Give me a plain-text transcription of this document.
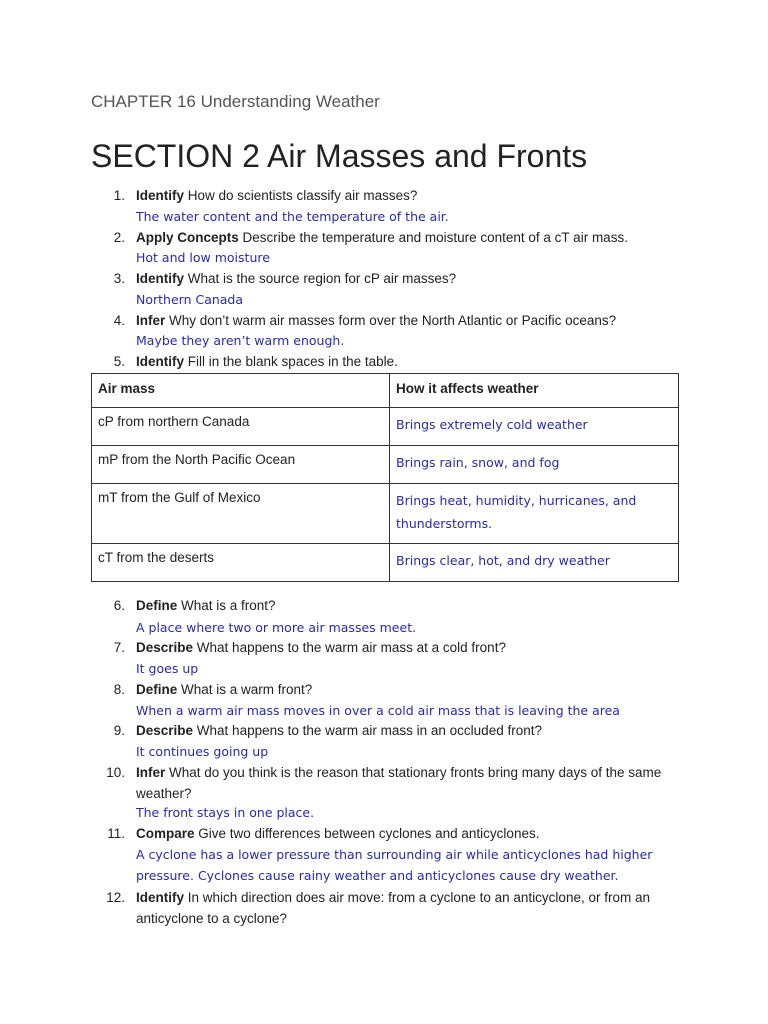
CHAPTER 16 Understanding Weather
SECTION 2 Air Masses and Fronts
1. Identify How do scientists classify air masses?
The water content and the temperature of the air.
2. Apply Concepts Describe the temperature and moisture content of a cT air mass.
Hot and low moisture
3. Identify What is the source region for cP air masses?
Northern Canada
4. Infer Why don’t warm air masses form over the North Atlantic or Pacific oceans?
Maybe they aren’t warm enough.
5. Identify Fill in the blank spaces in the table.
Air mass	How it affects weather
cP from northern Canada	Brings extremely cold weather
mP from the North Pacific Ocean	Brings rain, snow, and fog
mT from the Gulf of Mexico	Brings heat, humidity, hurricanes, and thunderstorms.
cT from the deserts	Brings clear, hot, and dry weather
6. Define What is a front?
A place where two or more air masses meet.
7. Describe What happens to the warm air mass at a cold front?
It goes up
8. Define What is a warm front?
When a warm air mass moves in over a cold air mass that is leaving the area
9. Describe What happens to the warm air mass in an occluded front?
It continues going up
10. Infer What do you think is the reason that stationary fronts bring many days of the same weather?
The front stays in one place.
11. Compare Give two differences between cyclones and anticyclones.
A cyclone has a lower pressure than surrounding air while anticyclones had higher pressure. Cyclones cause rainy weather and anticyclones cause dry weather.
12. Identify In which direction does air move: from a cyclone to an anticyclone, or from an anticyclone to a cyclone?
